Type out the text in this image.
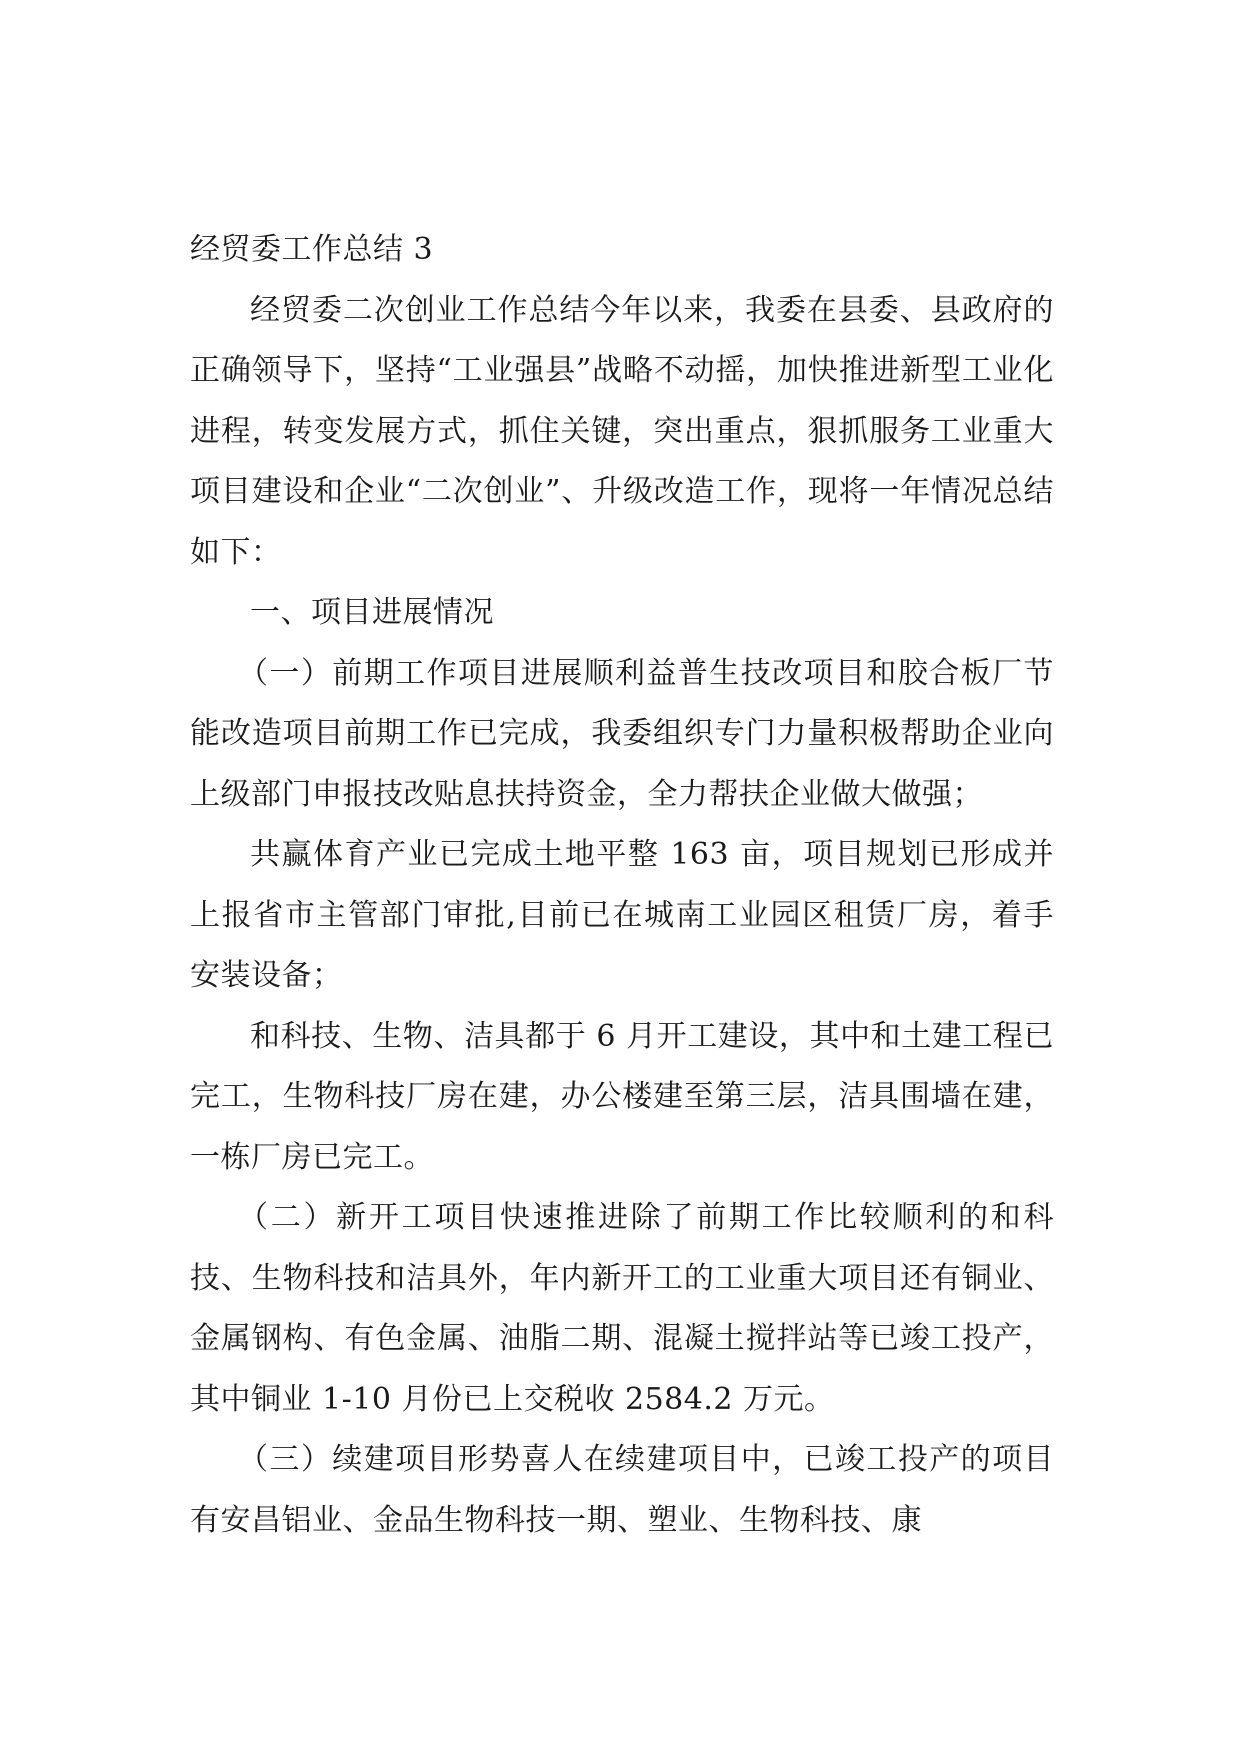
经贸委工作总结 3

经贸委二次创业工作总结今年以来，我委在县委、县政府的正确领导下，坚持“工业强县”战略不动摇，加快推进新型工业化进程，转变发展方式，抓住关键，突出重点，狠抓服务工业重大项目建设和企业“二次创业”、升级改造工作，现将一年情况总结如下：

一、项目进展情况

（一）前期工作项目进展顺利益普生技改项目和胶合板厂节能改造项目前期工作已完成，我委组织专门力量积极帮助企业向上级部门申报技改贴息扶持资金，全力帮扶企业做大做强；

共赢体育产业已完成土地平整 163 亩，项目规划已形成并上报省市主管部门审批,目前已在城南工业园区租赁厂房，着手安装设备；

和科技、生物、洁具都于 6 月开工建设，其中和土建工程已完工，生物科技厂房在建，办公楼建至第三层，洁具围墙在建，一栋厂房已完工。

（二）新开工项目快速推进除了前期工作比较顺利的和科技、生物科技和洁具外，年内新开工的工业重大项目还有铜业、金属钢构、有色金属、油脂二期、混凝土搅拌站等已竣工投产，其中铜业 1-10 月份已上交税收 2584.2 万元。

（三）续建项目形势喜人在续建项目中，已竣工投产的项目有安昌铝业、金品生物科技一期、塑业、生物科技、康
